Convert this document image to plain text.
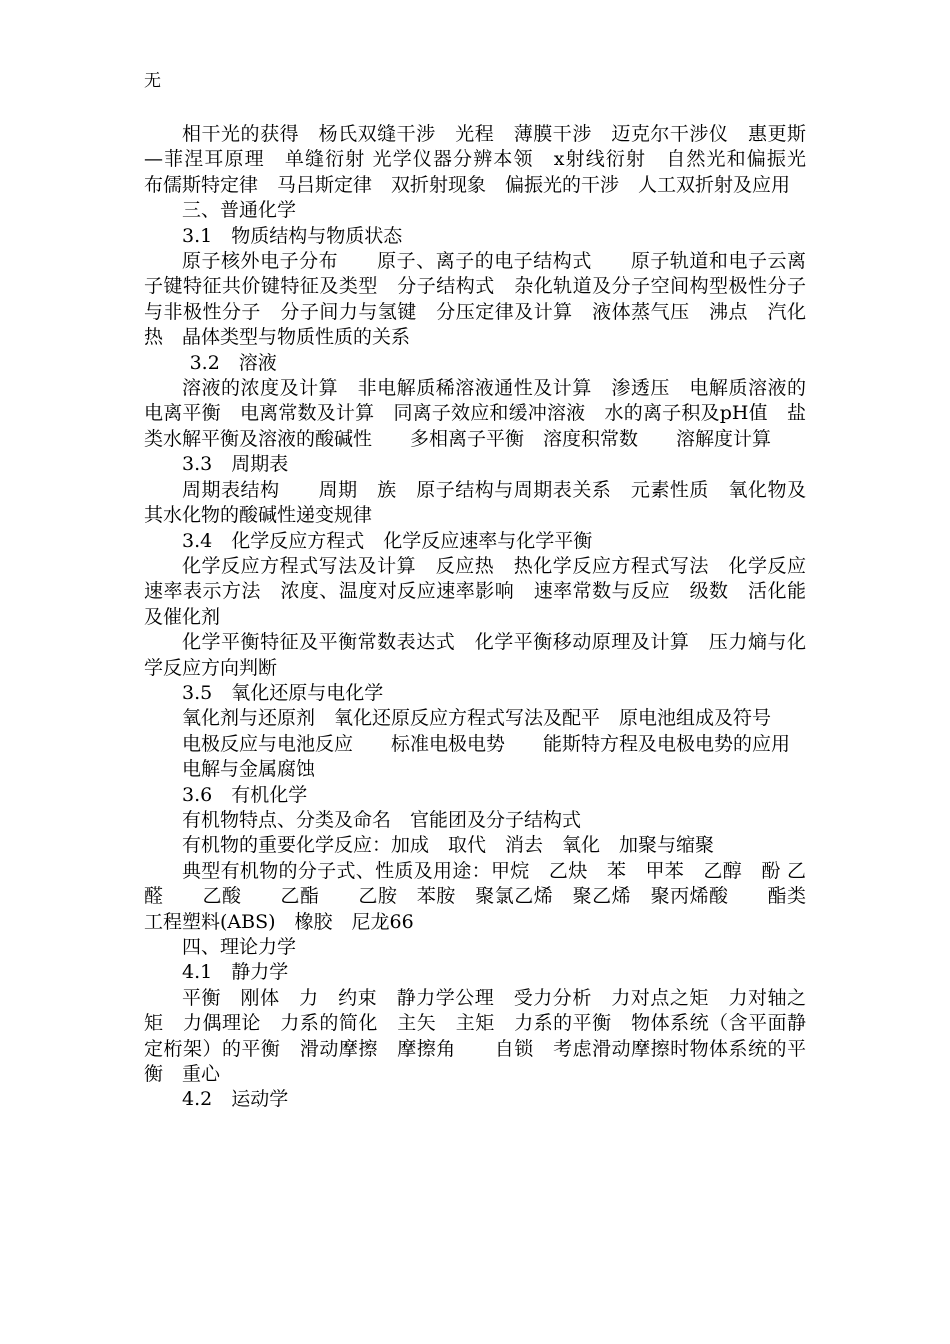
无

相干光的获得　杨氏双缝干涉　光程　薄膜干涉　迈克尔干涉仪　惠更斯—菲涅耳原理　单缝衍射 光学仪器分辨本领　x射线衍射　自然光和偏振光　布儒斯特定律　马吕斯定律　双折射现象　偏振光的干涉　人工双折射及应用

三、普通化学

3.1　物质结构与物质状态

原子核外电子分布　　原子、离子的电子结构式　　原子轨道和电子云离子键特征共价键特征及类型　分子结构式　杂化轨道及分子空间构型极性分子与非极性分子　分子间力与氢键　分压定律及计算　液体蒸气压　沸点　汽化热　晶体类型与物质性质的关系

3.2　溶液

溶液的浓度及计算　非电解质稀溶液通性及计算　渗透压　电解质溶液的电离平衡　电离常数及计算　同离子效应和缓冲溶液　水的离子积及pH值　盐类水解平衡及溶液的酸碱性　　多相离子平衡　溶度积常数　　溶解度计算

3.3　周期表

周期表结构　　周期　族　原子结构与周期表关系　元素性质　氧化物及其水化物的酸碱性递变规律

3.4　化学反应方程式　化学反应速率与化学平衡

化学反应方程式写法及计算　反应热　热化学反应方程式写法　化学反应速率表示方法　浓度、温度对反应速率影响　速率常数与反应　级数　活化能及催化剂

化学平衡特征及平衡常数表达式　化学平衡移动原理及计算　压力熵与化学反应方向判断

3.5　氧化还原与电化学

氧化剂与还原剂　氧化还原反应方程式写法及配平　原电池组成及符号

电极反应与电池反应　　标准电极电势　　能斯特方程及电极电势的应用

电解与金属腐蚀

3.6　有机化学

有机物特点、分类及命名　官能团及分子结构式

有机物的重要化学反应：加成　取代　消去　氧化　加聚与缩聚

典型有机物的分子式、性质及用途：甲烷　乙炔　苯　甲苯　乙醇　酚 乙醛　　乙酸　　乙酯　　乙胺　苯胺　聚氯乙烯　聚乙烯　聚丙烯酸　　酯类　工程塑料(ABS)　橡胶　尼龙66

四、理论力学

4.1　静力学

平衡　刚体　力　约束　静力学公理　受力分析　力对点之矩　力对轴之矩　力偶理论　力系的简化　主矢　主矩　力系的平衡　物体系统（含平面静定桁架）的平衡　滑动摩擦　摩擦角　　自锁　考虑滑动摩擦时物体系统的平衡　重心

4.2　运动学
